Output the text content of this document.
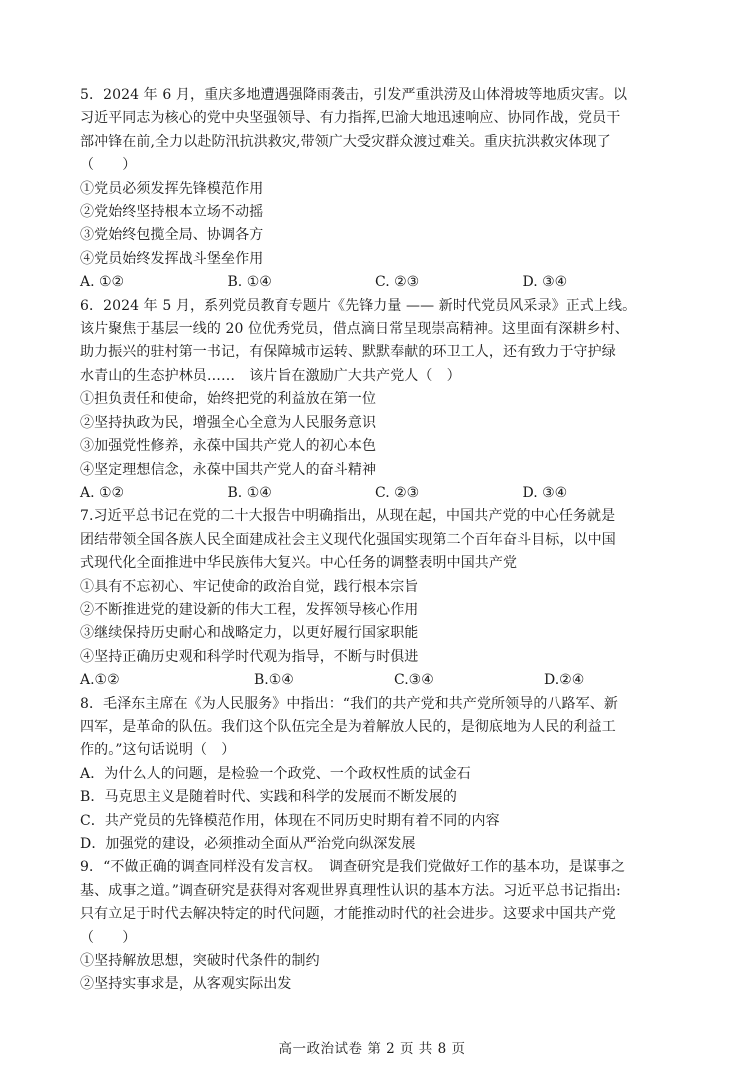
5．2024 年 6 月，重庆多地遭遇强降雨袭击，引发严重洪涝及山体滑坡等地质灾害。以
习近平同志为核心的党中央坚强领导、有力指挥,巴渝大地迅速响应、协同作战，党员干
部冲锋在前,全力以赴防汛抗洪救灾,带领广大受灾群众渡过难关。重庆抗洪救灾体现了
（　　）
①党员必须发挥先锋模范作用
②党始终坚持根本立场不动摇
③党始终包揽全局、协调各方
④党员始终发挥战斗堡垒作用
A. ①②	B. ①④	C. ②③	D. ③④
6．2024 年 5 月，系列党员教育专题片《先锋力量 —— 新时代党员风采录》正式上线。
该片聚焦于基层一线的 20 位优秀党员，借点滴日常呈现崇高精神。这里面有深耕乡村、
助力振兴的驻村第一书记，有保障城市运转、默默奉献的环卫工人，还有致力于守护绿
水青山的生态护林员……　该片旨在激励广大共产党人（　）
①担负责任和使命，始终把党的利益放在第一位
②坚持执政为民，增强全心全意为人民服务意识
③加强党性修养，永葆中国共产党人的初心本色
④坚定理想信念，永葆中国共产党人的奋斗精神
A. ①②	B. ①④	C. ②③	D. ③④
7.习近平总书记在党的二十大报告中明确指出，从现在起，中国共产党的中心任务就是
团结带领全国各族人民全面建成社会主义现代化强国实现第二个百年奋斗目标，以中国
式现代化全面推进中华民族伟大复兴。中心任务的调整表明中国共产党
①具有不忘初心、牢记使命的政治自觉，践行根本宗旨
②不断推进党的建设新的伟大工程，发挥领导核心作用
③继续保持历史耐心和战略定力，以更好履行国家职能
④坚持正确历史观和科学时代观为指导，不断与时俱进
A.①②	B.①④	C.③④	D.②④
8．毛泽东主席在《为人民服务》中指出：“我们的共产党和共产党所领导的八路军、新
四军，是革命的队伍。我们这个队伍完全是为着解放人民的，是彻底地为人民的利益工
作的。”这句话说明（　）
A．为什么人的问题，是检验一个政党、一个政权性质的试金石
B．马克思主义是随着时代、实践和科学的发展而不断发展的
C．共产党员的先锋模范作用，体现在不同历史时期有着不同的内容
D．加强党的建设，必须推动全面从严治党向纵深发展
9．“不做正确的调查同样没有发言权。　调查研究是我们党做好工作的基本功，是谋事之
基、成事之道。”调查研究是获得对客观世界真理性认识的基本方法。习近平总书记指出:
只有立足于时代去解决特定的时代问题，才能推动时代的社会进步。这要求中国共产党
（　　）
①坚持解放思想，突破时代条件的制约
②坚持实事求是，从客观实际出发
高一政治试卷 第 2 页 共 8 页
